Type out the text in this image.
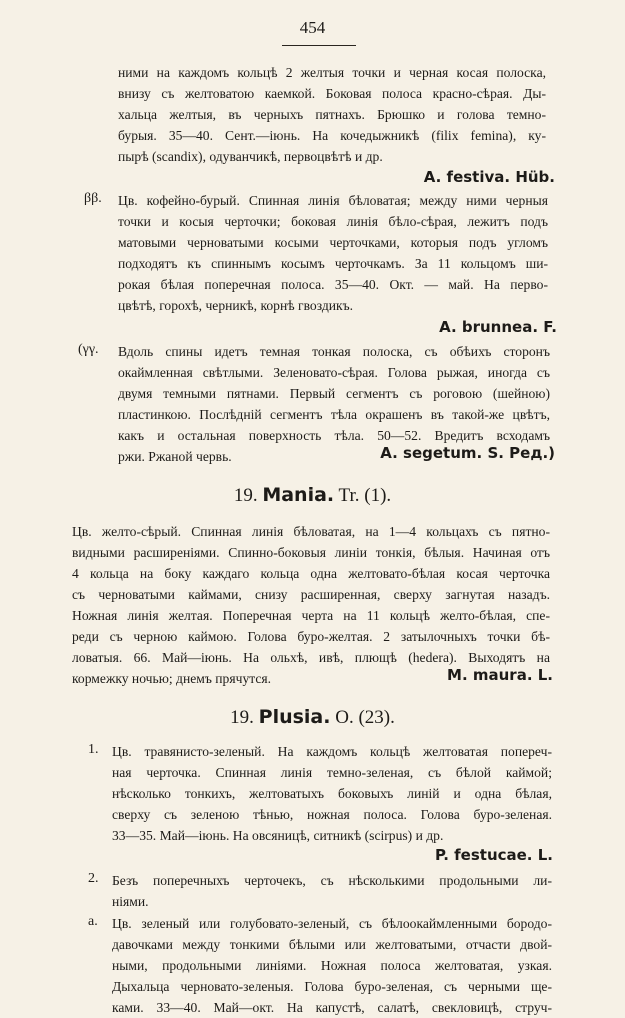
454
ними на каждомъ кольцѣ 2 желтыя точки и черная косая полоска,
внизу съ желтоватою каемкой. Боковая полоса красно-сѣрая. Ды-
хальца желтыя, въ черныхъ пятнахъ. Брюшко и голова темно-
бурыя. 35—40. Сент.—іюнь. На кочедыжникѣ (filix femina), ку-
пырѣ (scandix), одуванчикѣ, первоцвѣтѣ и др.
A. festiva. Hüb.
ββ. Цв. кофейно-бурый. Спинная линія бѣловатая; между ними черныя
точки и косыя черточки; боковая линія бѣло-сѣрая, лежитъ подъ
матовыми черноватыми косыми черточками, которыя подъ угломъ
подходятъ къ спиннымъ косымъ черточкамъ. За 11 кольцомъ ши-
рокая бѣлая поперечная полоса. 35—40. Окт. — май. На перво-
цвѣтѣ, горохѣ, черникѣ, корнѣ гвоздикъ.
A. brunnea. F.
(γγ. Вдоль спины идетъ темная тонкая полоска, съ обѣихъ сторонъ
окаймленная свѣтлыми. Зеленовато-сѣрая. Голова рыжая, иногда съ
двумя темными пятнами. Первый сегментъ съ роговою (шейною)
пластинкою. Послѣдній сегментъ тѣла окрашенъ въ такой-же цвѣтъ,
какъ и остальная поверхность тѣла. 50—52. Вредитъ всходамъ
ржи. Ржаной червь.	A. segetum. S. Ред.)
19. Mania. Tr. (1).
Цв. желто-сѣрый. Спинная линія бѣловатая, на 1—4 кольцахъ съ пятно-
видными расширеніями. Спинно-боковыя линіи тонкія, бѣлыя. Начиная отъ
4 кольца на боку каждаго кольца одна желтовато-бѣлая косая черточка
съ черноватыми каймами, снизу расширенная, сверху загнутая назадъ.
Ножная линія желтая. Поперечная черта на 11 кольцѣ желто-бѣлая, спе-
реди съ черною каймою. Голова буро-желтая. 2 затылочныхъ точки бѣ-
ловатыя. 66. Май—іюнь. На ольхѣ, ивѣ, плющѣ (hedera). Выходятъ на
кормежку ночью; днемъ прячутся.	M. maura. L.
19. Plusia. O. (23).
1. Цв. травянисто-зеленый. На каждомъ кольцѣ желтоватая попереч-
ная черточка. Спинная линія темно-зеленая, съ бѣлой каймой;
нѣсколько тонкихъ, желтоватыхъ боковыхъ линій и одна бѣлая,
сверху съ зеленою тѣнью, ножная полоса. Голова буро-зеленая.
33—35. Май—іюнь. На овсяницѣ, ситникѣ (scirpus) и др.
P. festucae. L.
2. Безъ поперечныхъ черточекъ, съ нѣсколькими продольными ли-
ніями.
a. Цв. зеленый или голубовато-зеленый, съ бѣлоокаймленными бородо-
давочками между тонкими бѣлыми или желтоватыми, отчасти двой-
ными, продольными линіями. Ножная полоса желтоватая, узкая.
Дыхальца черновато-зеленыя. Голова буро-зеленая, съ черными ще-
ками. 33—40. Май—окт. На капустѣ, салатѣ, свекловицѣ, струч-
